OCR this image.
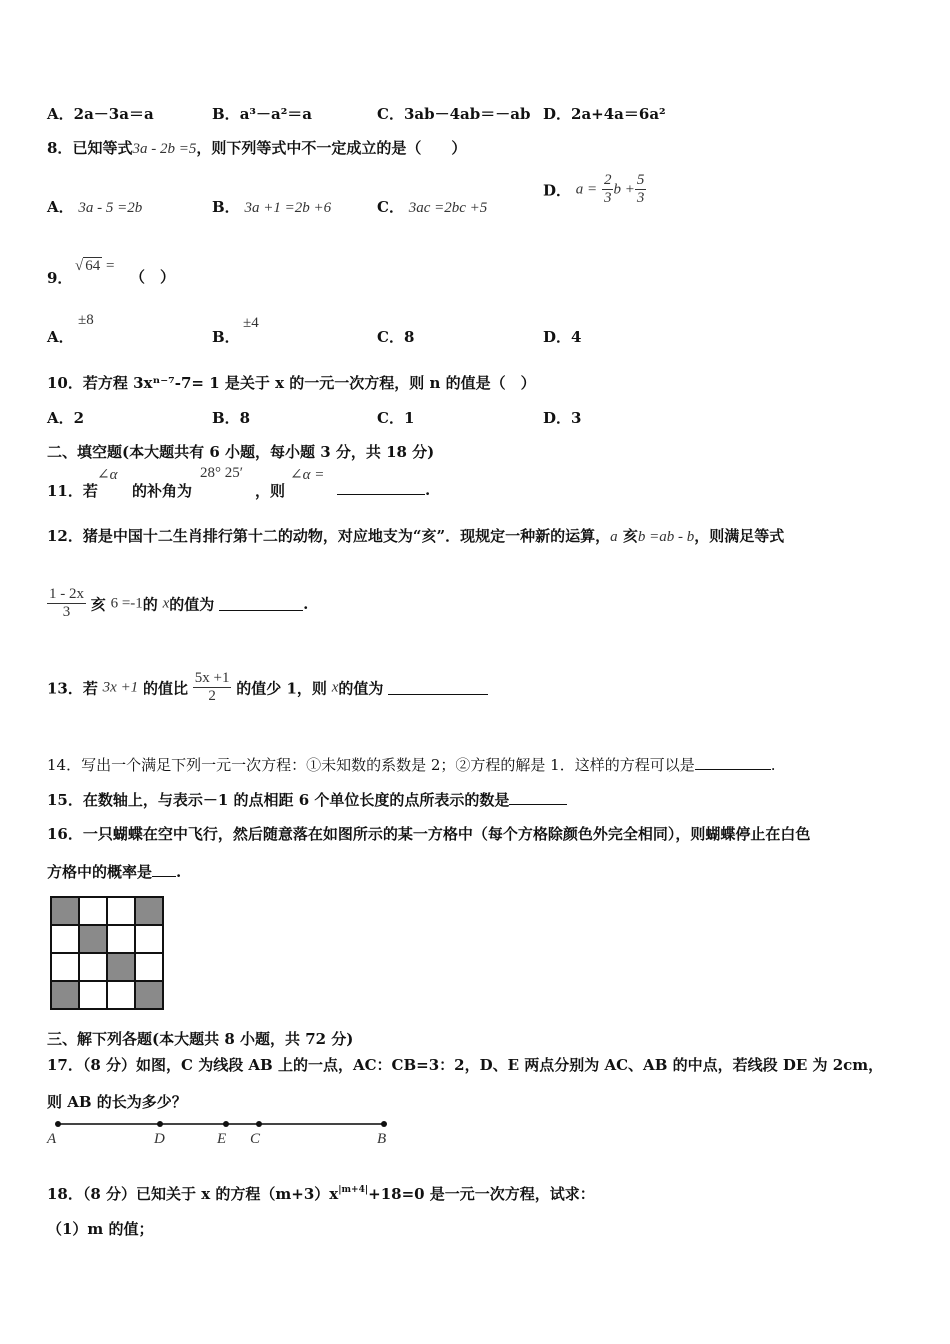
A．2a－3a＝a	B．a³－a²＝a	C．3ab－4ab＝－ab D．2a+4a＝6a²
8．已知等式3a - 2b =5，则下列等式中不一定成立的是（　　）
A． 3a - 5 =2b	B． 3a +1 =2b +6	C． 3ac =2bc +5
D． $a = \frac{2}{3}$ $b + \frac{5}{3}$
9．
√ 64 =
（　）
A．
±8
B．
±4
C．8	D．4
10．若方程 3xⁿ⁻⁷-7= 1 是关于 x 的一元一次方程，则 n 的值是（　）
A．2	B．8	C．1	D．3
二、填空题(本大题共有 6 小题，每小题 3 分，共 18 分)
11．若
∠α
的补角为
28° 25′
，则
∠α =
.
12．猪是中国十二生肖排行第十二的动物，对应地支为“亥”．现规定一种新的运算，a 亥b =ab - b，则满足等式
$\frac{1 - 2x}{3}$ 亥 6 =-1的 x的值为	.
13．若 3x +1 的值比 $\frac{5x +1}{2}$ 的值少 1，则 x的值为
14．写出一个满足下列一元一次方程：①未知数的系数是 2；②方程的解是 1．这样的方程可以是	.
15．在数轴上，与表示－1 的点相距 6 个单位长度的点所表示的数是
16．一只蝴蝶在空中飞行，然后随意落在如图所示的某一方格中（每个方格除颜色外完全相同），则蝴蝶停止在白色
方格中的概率是 .

三、解下列各题(本大题共 8 小题，共 72 分)
17．（8 分）如图，C 为线段 AB 上的一点，AC：CB=3：2，D、E 两点分别为 AC、AB 的中点，若线段 DE 为 2cm，
则 AB 的长为多少？
A	D	E C	B
18．（8 分）已知关于 x 的方程$(m+3)x^{|m+4|}+18=0$ 是一元一次方程，试求：
（1）m 的值；
